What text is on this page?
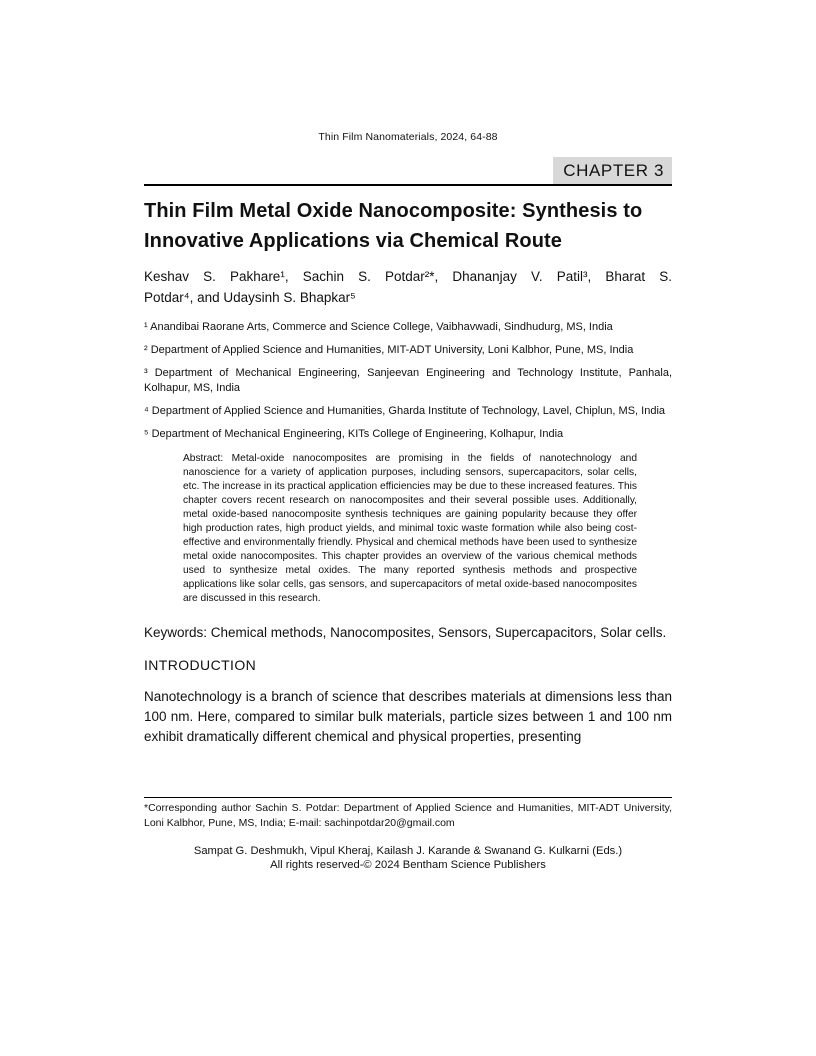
Thin Film Nanomaterials, 2024, 64-88
CHAPTER 3
Thin Film Metal Oxide Nanocomposite: Synthesis to Innovative Applications via Chemical Route
Keshav S. Pakhare¹, Sachin S. Potdar²*, Dhananjay V. Patil³, Bharat S.
Potdar⁴, and Udaysinh S. Bhapkar⁵

¹ Anandibai Raorane Arts, Commerce and Science College, Vaibhavwadi, Sindhudurg, MS, India

² Department of Applied Science and Humanities, MIT-ADT University, Loni Kalbhor, Pune, MS, India

³ Department of Mechanical Engineering, Sanjeevan Engineering and Technology Institute, Panhala, Kolhapur, MS, India

⁴ Department of Applied Science and Humanities, Gharda Institute of Technology, Lavel, Chiplun, MS, India

⁵ Department of Mechanical Engineering, KITs College of Engineering, Kolhapur, India

Abstract: Metal-oxide nanocomposites are promising in the fields of nanotechnology and nanoscience for a variety of application purposes, including sensors, supercapacitors, solar cells, etc. The increase in its practical application efficiencies may be due to these increased features. This chapter covers recent research on nanocomposites and their several possible uses. Additionally, metal oxide-based nanocomposite synthesis techniques are gaining popularity because they offer high production rates, high product yields, and minimal toxic waste formation while also being cost-effective and environmentally friendly. Physical and chemical methods have been used to synthesize metal oxide nanocomposites. This chapter provides an overview of the various chemical methods used to synthesize metal oxides. The many reported synthesis methods and prospective applications like solar cells, gas sensors, and supercapacitors of metal oxide-based nanocomposites are discussed in this research.
Keywords: Chemical methods, Nanocomposites, Sensors, Supercapacitors, Solar cells.
INTRODUCTION

Nanotechnology is a branch of science that describes materials at dimensions less than 100 nm. Here, compared to similar bulk materials, particle sizes between 1 and 100 nm exhibit dramatically different chemical and physical properties, presenting

*Corresponding author Sachin S. Potdar: Department of Applied Science and Humanities, MIT-ADT University, Loni Kalbhor, Pune, MS, India; E-mail: sachinpotdar20@gmail.com
Sampat G. Deshmukh, Vipul Kheraj, Kailash J. Karande & Swanand G. Kulkarni (Eds.)
All rights reserved-© 2024 Bentham Science Publishers
